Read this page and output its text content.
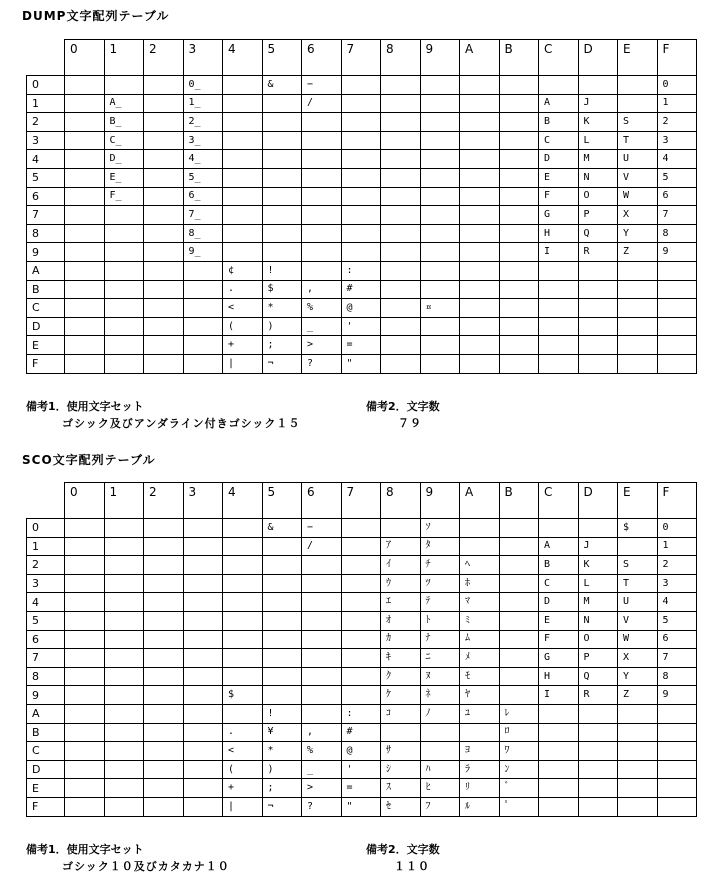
DUMP文字配列テーブル
	0	1	2	3	4	5	6	7	8	9	A	B	C	D	E	F
0				0̲		&	−									0
1		A̲		1̲			/						A	J		1
2		B̲		2̲									B	K	S	2
3		C̲		3̲									C	L	T	3
4		D̲		4̲									D	M	U	4
5		E̲		5̲									E	N	V	5
6		F̲		6̲									F	O	W	6
7				7̲									G	P	X	7
8				8̲									H	Q	Y	8
9				9̲									I	R	Z	9
A					¢	!		:								
B					.	$	,	#								
C					<	*	%	@		¤						
D					(	)	_	'								
E					+	;	>	=								
F					|	¬	?	"								
備考1．使用文字セット
ゴシック及びアンダライン付きゴシック１５
備考2．文字数
７９
SCO文字配列テーブル
	0	1	2	3	4	5	6	7	8	9	A	B	C	D	E	F
0						&	−			ｿ					$	0
1							/		ｱ	ﾀ			A	J		1
2									ｲ	ﾁ	ﾍ		B	K	S	2
3									ｳ	ﾂ	ﾎ		C	L	T	3
4									ｴ	ﾃ	ﾏ		D	M	U	4
5									ｵ	ﾄ	ﾐ		E	N	V	5
6									ｶ	ﾅ	ﾑ		F	O	W	6
7									ｷ	ﾆ	ﾒ		G	P	X	7
8									ｸ	ﾇ	ﾓ		H	Q	Y	8
9					$				ｹ	ﾈ	ﾔ		I	R	Z	9
A						!		:	ｺ	ﾉ	ﾕ	ﾚ				
B					.	¥	,	#				ﾛ				
C					<	*	%	@	ｻ		ﾖ	ﾜ				
D					(	)	_	'	ｼ	ﾊ	ﾗ	ﾝ				
E					+	;	>	=	ｽ	ﾋ	ﾘ	ﾞ				
F					|	¬	?	"	ｾ	ﾌ	ﾙ	ﾟ				
備考1．使用文字セット
ゴシック１０及びカタカナ１０
備考2．文字数
１１０
